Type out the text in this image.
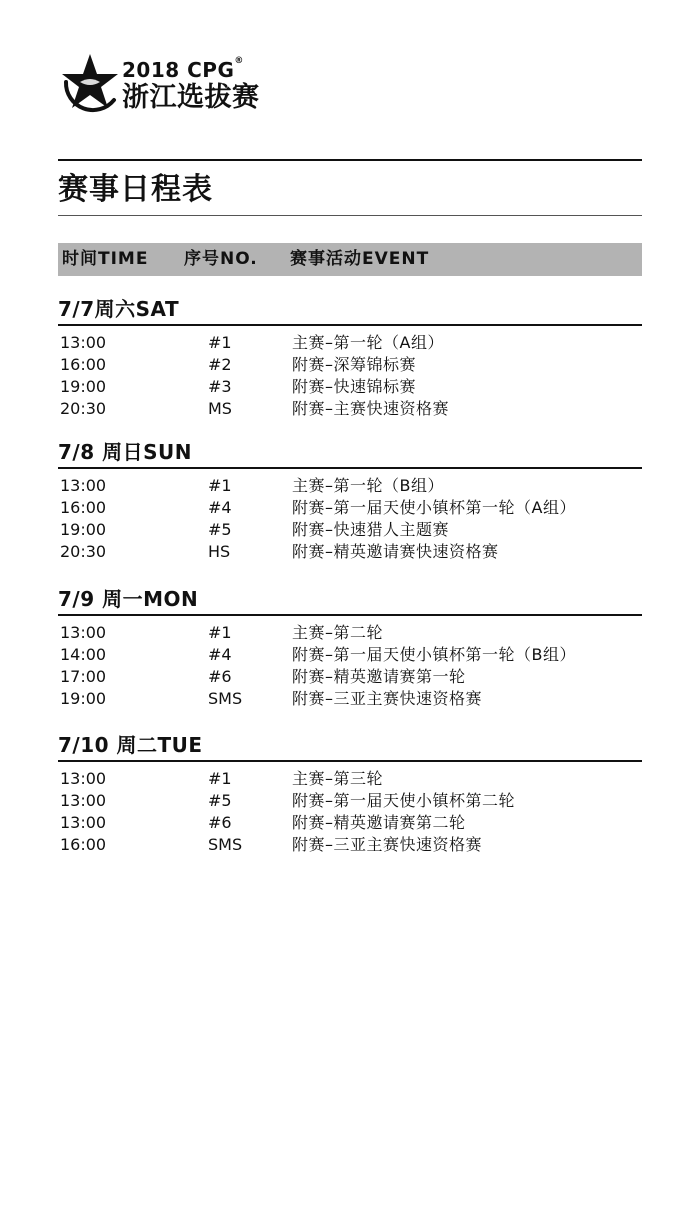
2018 CPG®
浙江选拔赛
赛事日程表
时间TIME 序号NO. 赛事活动EVENT
7/7周六SAT
13:00	#1	主赛–第一轮（A组）
16:00	#2	附赛–深筹锦标赛
19:00	#3	附赛–快速锦标赛
20:30	MS	附赛–主赛快速资格赛
7/8 周日SUN
13:00	#1	主赛–第一轮（B组）
16:00	#4	附赛–第一届天使小镇杯第一轮（A组）
19:00	#5	附赛–快速猎人主题赛
20:30	HS	附赛–精英邀请赛快速资格赛
7/9 周一MON
13:00	#1	主赛–第二轮
14:00	#4	附赛–第一届天使小镇杯第一轮（B组）
17:00	#6	附赛–精英邀请赛第一轮
19:00	SMS	附赛–三亚主赛快速资格赛
7/10 周二TUE
13:00	#1	主赛–第三轮
13:00	#5	附赛–第一届天使小镇杯第二轮
13:00	#6	附赛–精英邀请赛第二轮
16:00	SMS	附赛–三亚主赛快速资格赛
